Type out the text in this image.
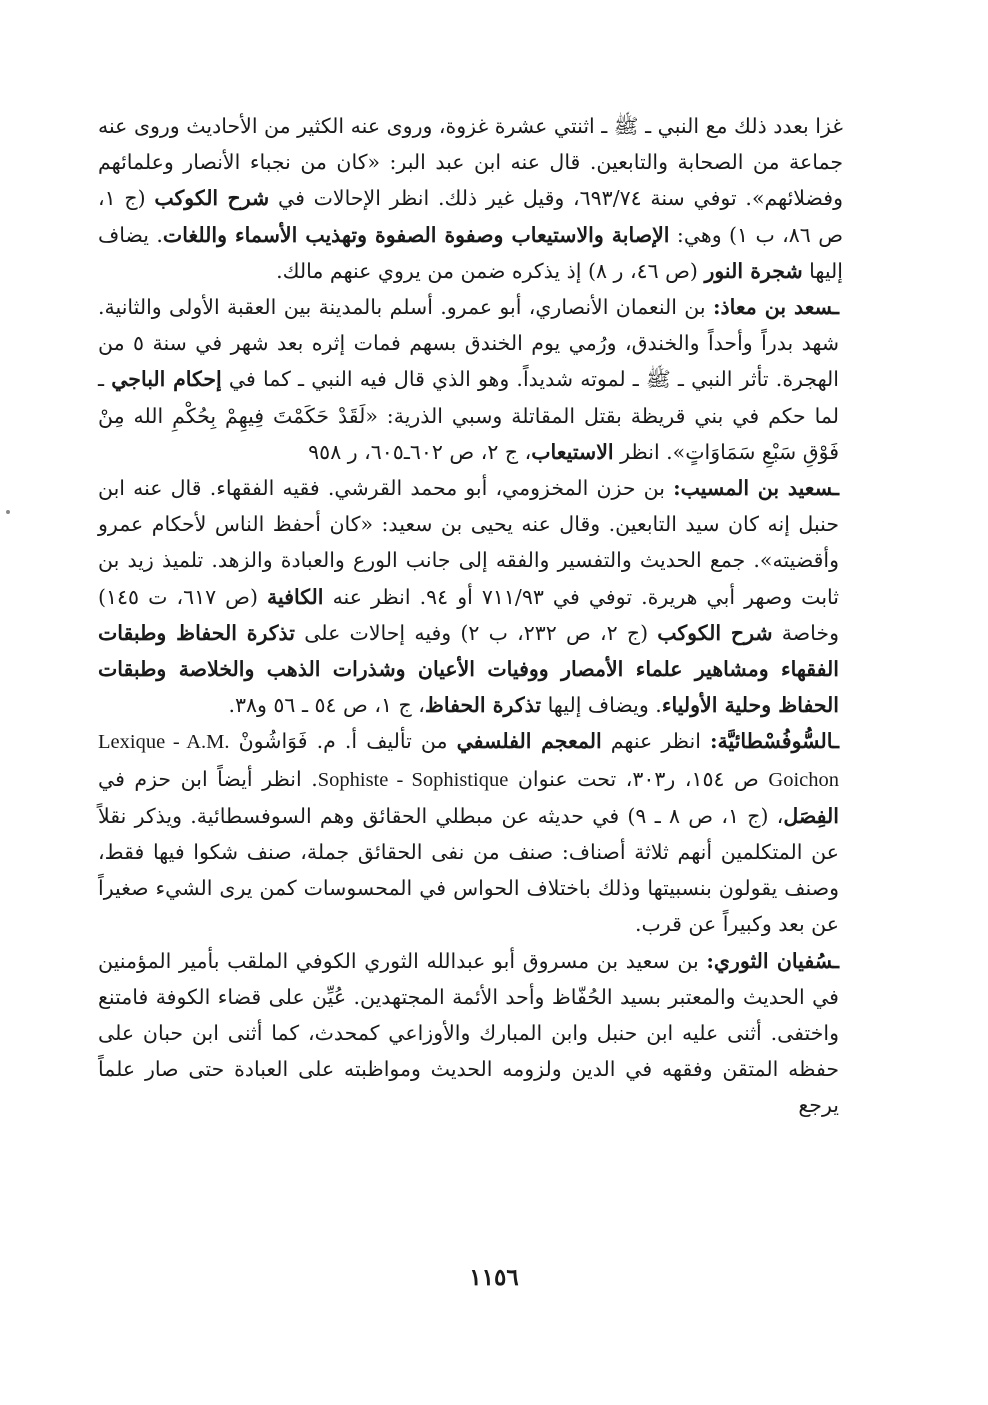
غزا بعدد ذلك مع النبي ـ ﷺ ـ اثنتي عشرة غزوة، وروى عنه الكثير من الأحاديث وروى عنه جماعة من الصحابة والتابعين. قال عنه ابن عبد البر: «كان من نجباء الأنصار وعلمائهم وفضلائهم». توفي سنة ٦٩٣/٧٤، وقيل غير ذلك. انظر الإحالات في شرح الكوكب (ج ١، ص ٨٦، ب ١) وهي: الإصابة والاستيعاب وصفوة الصفوة وتهذيب الأسماء واللغات. يضاف إليها شجرة النور (ص ٤٦، ر ٨) إذ يذكره ضمن من يروي عنهم مالك.

ـسعد بن معاذ: بن النعمان الأنصاري، أبو عمرو. أسلم بالمدينة بين العقبة الأولى والثانية. شهد بدراً وأحداً والخندق، ورُمي يوم الخندق بسهم فمات إثره بعد شهر في سنة ٥ من الهجرة. تأثر النبي ـ ﷺ ـ لموته شديداً. وهو الذي قال فيه النبي ـ كما في إحكام الباجي ـ لما حكم في بني قريظة بقتل المقاتلة وسبي الذرية: «لَقَدْ حَكَمْتَ فِيهِمْ بِحُكْمِ الله مِنْ فَوْقِ سَبْعِ سَمَاوَاتٍ». انظر الاستيعاب، ج ٢، ص ٦٠٢ـ٦٠٥، ر ٩٥٨

ـسعيد بن المسيب: بن حزن المخزومي، أبو محمد القرشي. فقيه الفقهاء. قال عنه ابن حنبل إنه كان سيد التابعين. وقال عنه يحيى بن سعيد: «كان أحفظ الناس لأحكام عمرو وأقضيته». جمع الحديث والتفسير والفقه إلى جانب الورع والعبادة والزهد. تلميذ زيد بن ثابت وصهر أبي هريرة. توفي في ٧١١/٩٣ أو ٩٤. انظر عنه الكافية (ص ٦١٧، ت ١٤٥) وخاصة شرح الكوكب (ج ٢، ص ٢٣٢، ب ٢) وفيه إحالات على تذكرة الحفاظ وطبقات الفقهاء ومشاهير علماء الأمصار ووفيات الأعيان وشذرات الذهب والخلاصة وطبقات الحفاظ وحلية الأولياء. ويضاف إليها تذكرة الحفاظ، ج ١، ص ٥٤ ـ ٥٦ و٣٨.

ـالسُّوفُسْطائيَّة: انظر عنهم المعجم الفلسفي من تأليف أ. م. فَوَاشُونْ Lexique - A.M. Goichon ص ١٥٤، ر٣٠٣، تحت عنوان Sophiste - Sophistique. انظر أيضاً ابن حزم في الفِصَل، (ج ١، ص ٨ ـ ٩) في حديثه عن مبطلي الحقائق وهم السوفسطائية. ويذكر نقلاً عن المتكلمين أنهم ثلاثة أصناف: صنف من نفى الحقائق جملة، صنف شكوا فيها فقط، وصنف يقولون بنسبيتها وذلك باختلاف الحواس في المحسوسات كمن يرى الشيء صغيراً عن بعد وكبيراً عن قرب.

ـسُفيان الثوري: بن سعيد بن مسروق أبو عبدالله الثوري الكوفي الملقب بأمير المؤمنين في الحديث والمعتبر بسيد الحُفّاظ وأحد الأئمة المجتهدين. عُيِّن على قضاء الكوفة فامتنع واختفى. أثنى عليه ابن حنبل وابن المبارك والأوزاعي كمحدث، كما أثنى ابن حبان على حفظه المتقن وفقهه في الدين ولزومه الحديث ومواظبته على العبادة حتى صار علماً يرجع

١١٥٦
